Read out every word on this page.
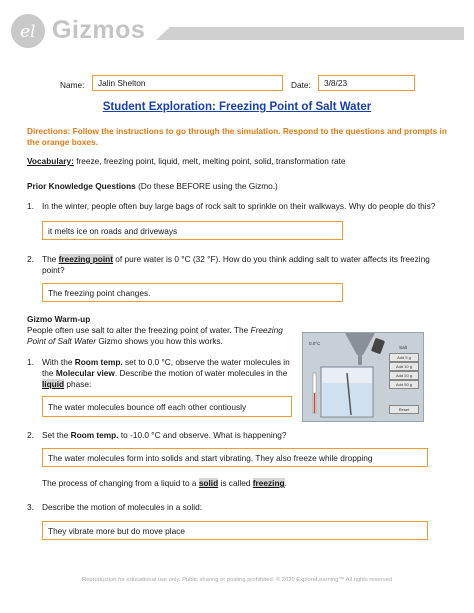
el Gizmos
Name:	Jalin Shelton	Date:	3/8/23
Student Exploration: Freezing Point of Salt Water
Directions: Follow the instructions to go through the simulation. Respond to the questions and prompts in the orange boxes.
Vocabulary: freeze, freezing point, liquid, melt, melting point, solid, transformation rate
Prior Knowledge Questions (Do these BEFORE using the Gizmo.)
1. In the winter, people often buy large bags of rock salt to sprinkle on their walkways. Why do people do this?
it melts ice on roads and driveways
2. The freezing point of pure water is 0 °C (32 °F). How do you think adding salt to water affects its freezing point?
The freezing point changes.
Gizmo Warm-up
People often use salt to alter the freezing point of water. The Freezing Point of Salt Water Gizmo shows you how this works.
1. With the Room temp. set to 0.0 °C, observe the water molecules in the Molecular view. Describe the motion of water molecules in the liquid phase:
The water molecules bounce off each other contiously
0.0°C
Salt
Add 5 g
Add 10 g
Add 20 g
Add 50 g
Reset
2. Set the Room temp. to -10.0 °C and observe. What is happening?
The water molecules form into solids and start vibrating. They also freeze while dropping
The process of changing from a liquid to a solid is called freezing.
3. Describe the motion of molecules in a solid:
They vibrate more but do move place
Reproduction for educational use only. Public sharing or posting prohibited. © 2020 ExploreLearning™ All rights reserved
